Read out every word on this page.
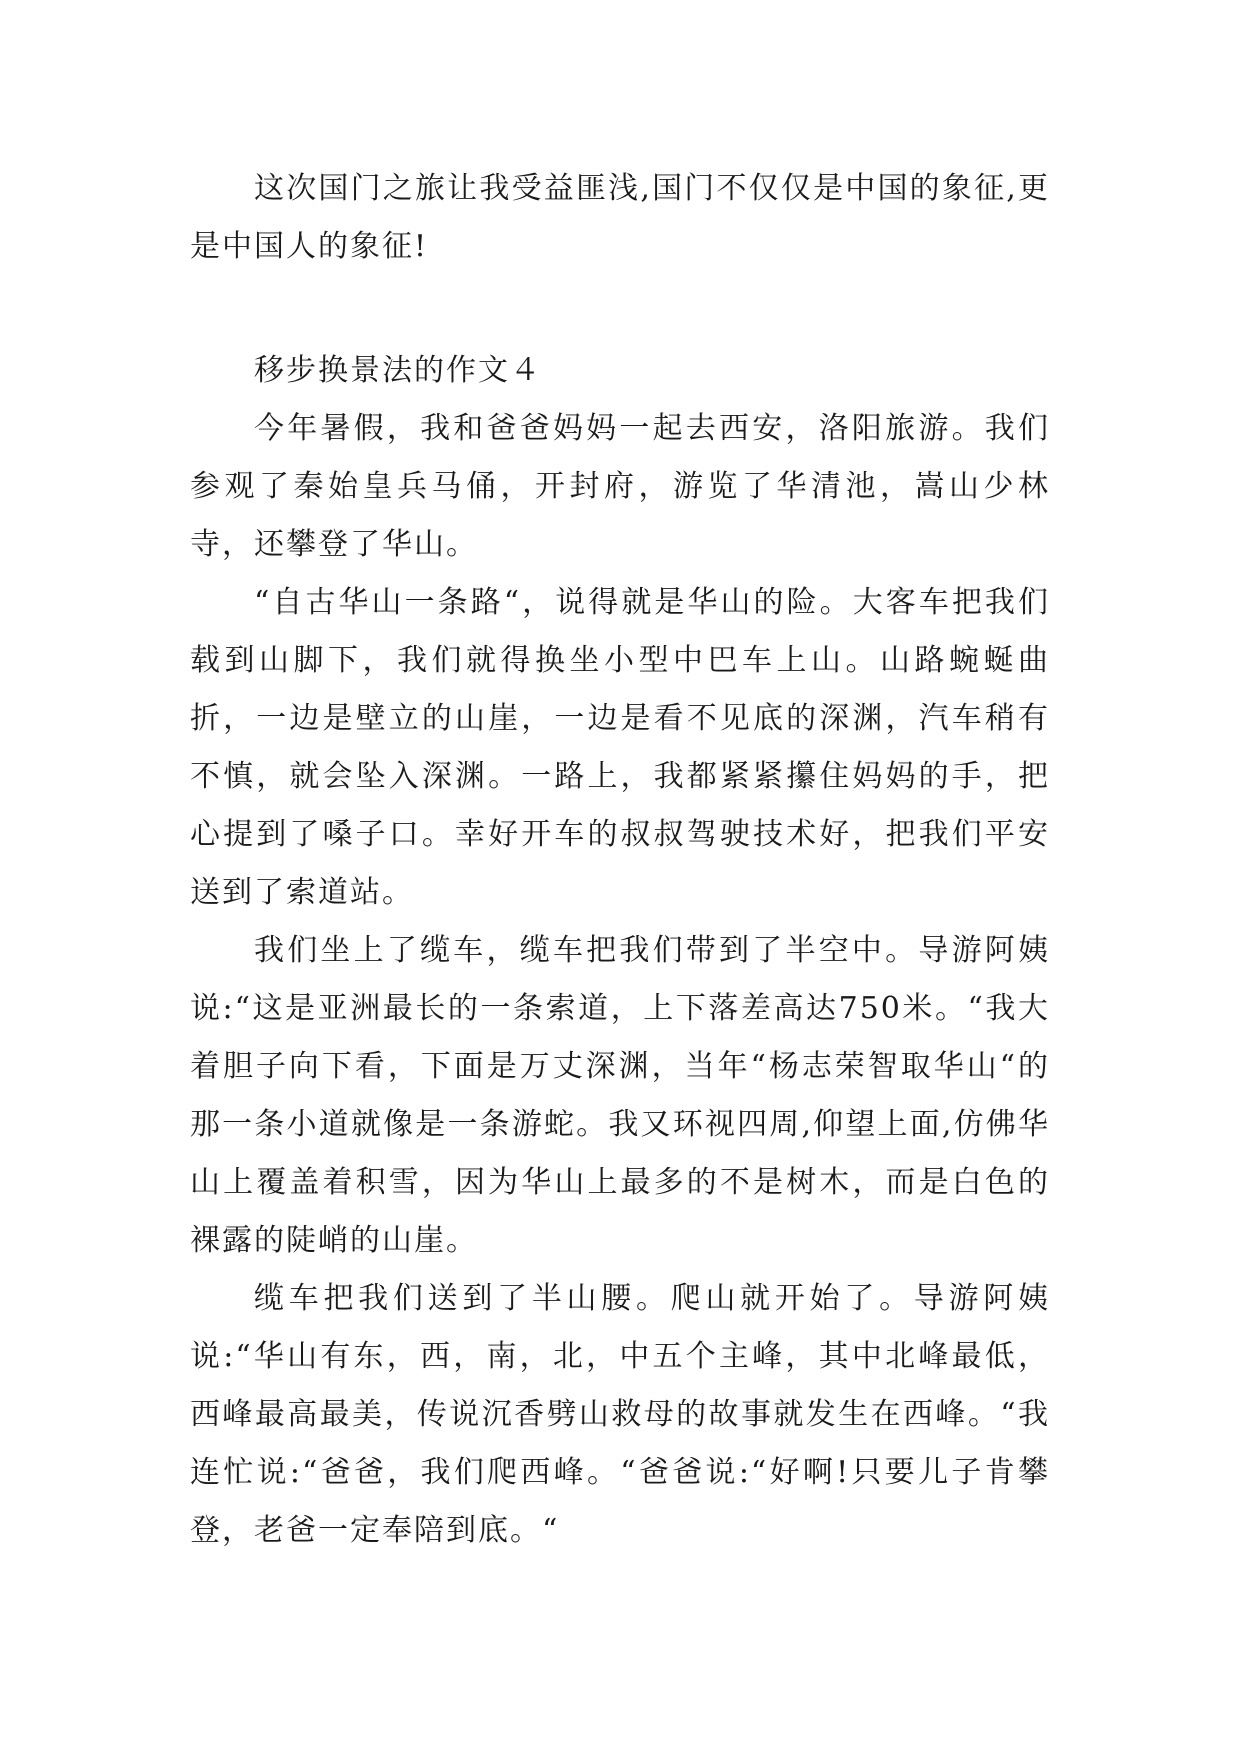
这次国门之旅让我受益匪浅,国门不仅仅是中国的象征,更是中国人的象征!

移步换景法的作文４

今年暑假，我和爸爸妈妈一起去西安，洛阳旅游。我们参观了秦始皇兵马俑，开封府，游览了华清池，嵩山少林寺，还攀登了华山。

“自古华山一条路“，说得就是华山的险。大客车把我们载到山脚下，我们就得换坐小型中巴车上山。山路蜿蜒曲折，一边是壁立的山崖，一边是看不见底的深渊，汽车稍有不慎，就会坠入深渊。一路上，我都紧紧攥住妈妈的手，把心提到了嗓子口。幸好开车的叔叔驾驶技术好，把我们平安送到了索道站。

我们坐上了缆车，缆车把我们带到了半空中。导游阿姨说:“这是亚洲最长的一条索道，上下落差高达750米。“我大着胆子向下看，下面是万丈深渊，当年“杨志荣智取华山“的那一条小道就像是一条游蛇。我又环视四周,仰望上面,仿佛华山上覆盖着积雪，因为华山上最多的不是树木，而是白色的裸露的陡峭的山崖。

缆车把我们送到了半山腰。爬山就开始了。导游阿姨说:“华山有东，西，南，北，中五个主峰，其中北峰最低，西峰最高最美，传说沉香劈山救母的故事就发生在西峰。“我连忙说:“爸爸，我们爬西峰。“爸爸说:“好啊!只要儿子肯攀登，老爸一定奉陪到底。“
